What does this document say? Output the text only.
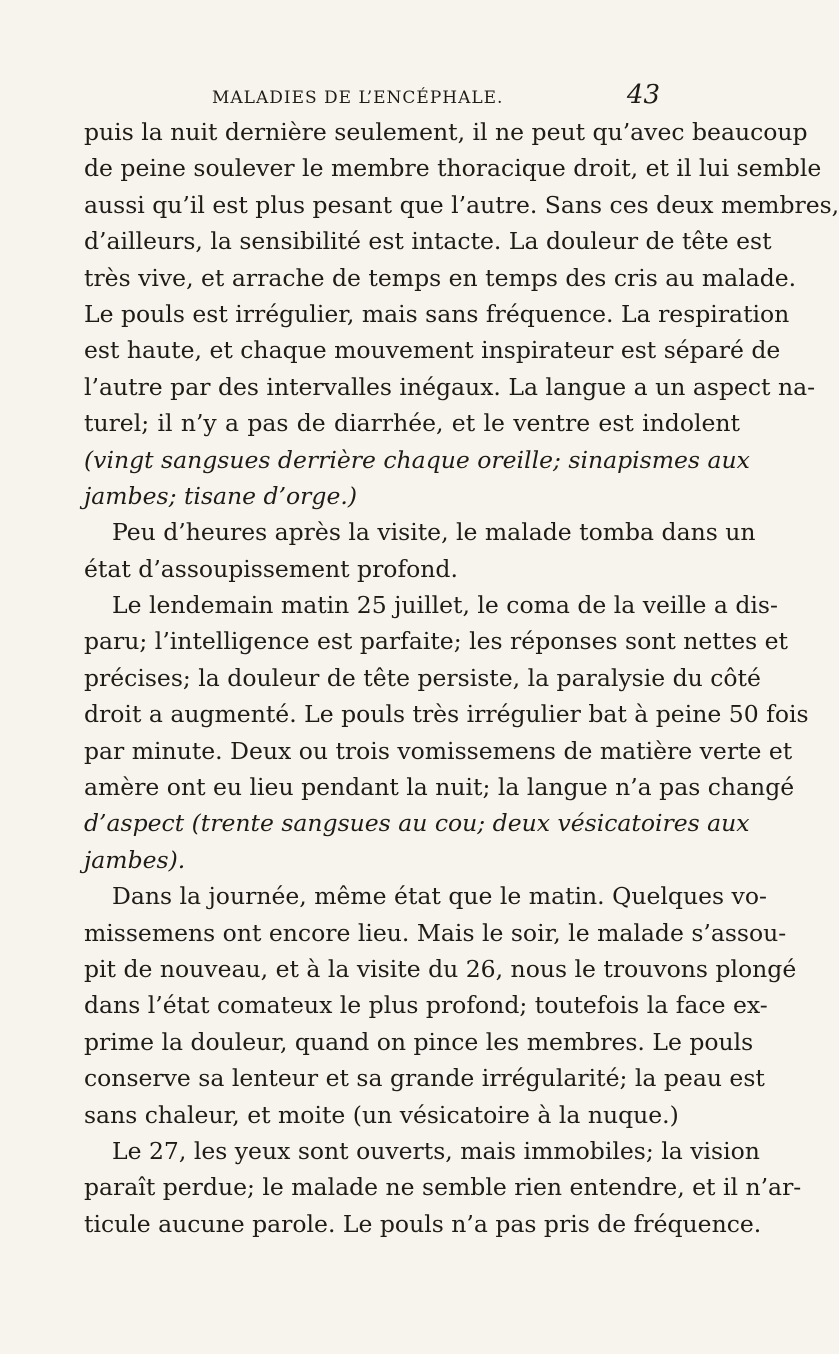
MALADIES DE L’ENCÉPHALE.	43
puis la nuit dernière seulement, il ne peut qu’avec beaucoup
de peine soulever le membre thoracique droit, et il lui semble
aussi qu’il est plus pesant que l’autre. Sans ces deux membres,
d’ailleurs, la sensibilité est intacte. La douleur de tête est
très vive, et arrache de temps en temps des cris au malade.
Le pouls est irrégulier, mais sans fréquence. La respiration
est haute, et chaque mouvement inspirateur est séparé de
l’autre par des intervalles inégaux. La langue a un aspect na-
turel; il n’y a pas de diarrhée, et le ventre est indolent
(vingt sangsues derrière chaque oreille; sinapismes aux
jambes; tisane d’orge.)
Peu d’heures après la visite, le malade tomba dans un
état d’assoupissement profond.
Le lendemain matin 25 juillet, le coma de la veille a dis-
paru; l’intelligence est parfaite; les réponses sont nettes et
précises; la douleur de tête persiste, la paralysie du côté
droit a augmenté. Le pouls très irrégulier bat à peine 50 fois
par minute. Deux ou trois vomissemens de matière verte et
amère ont eu lieu pendant la nuit; la langue n’a pas changé
d’aspect (trente sangsues au cou; deux vésicatoires aux
jambes).
Dans la journée, même état que le matin. Quelques vo-
missemens ont encore lieu. Mais le soir, le malade s’assou-
pit de nouveau, et à la visite du 26, nous le trouvons plongé
dans l’état comateux le plus profond; toutefois la face ex-
prime la douleur, quand on pince les membres. Le pouls
conserve sa lenteur et sa grande irrégularité; la peau est
sans chaleur, et moite (un vésicatoire à la nuque.)
Le 27, les yeux sont ouverts, mais immobiles; la vision
paraît perdue; le malade ne semble rien entendre, et il n’ar-
ticule aucune parole. Le pouls n’a pas pris de fréquence.
